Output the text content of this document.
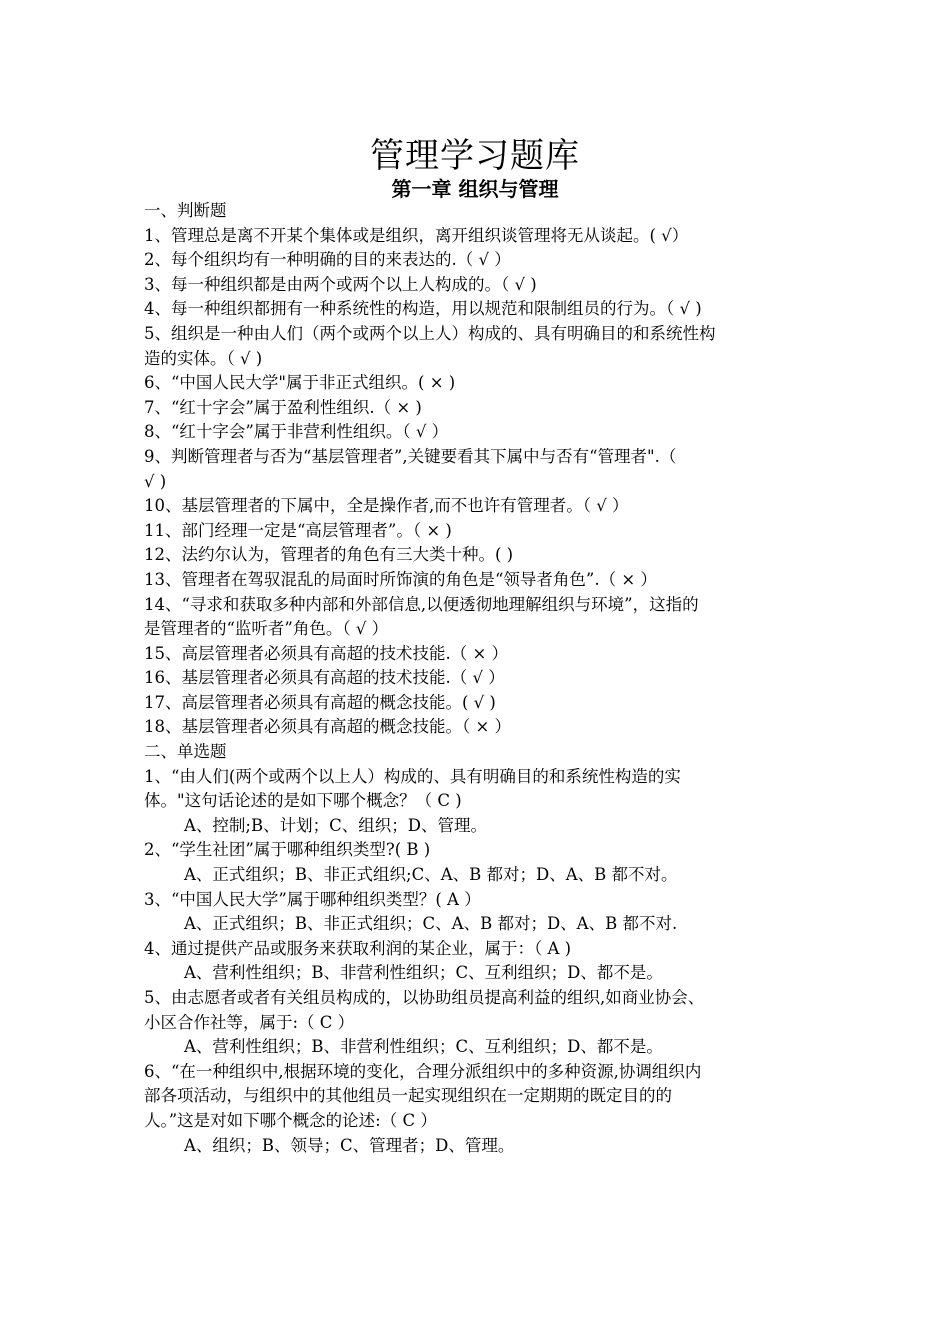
管理学习题库
第一章 组织与管理
一、判断题
1、管理总是离不开某个集体或是组织，离开组织谈管理将无从谈起。( √）
2、每个组织均有一种明确的目的来表达的.（ √ ）
3、每一种组织都是由两个或两个以上人构成的。（ √ )
4、每一种组织都拥有一种系统性的构造，用以规范和限制组员的行为。（ √ )
5、组织是一种由人们（两个或两个以上人）构成的、具有明确目的和系统性构
造的实体。（ √ )
6、“中国人民大学"属于非正式组织。( × )
7、“红十字会”属于盈利性组织.（ × )
8、“红十字会”属于非营利性组织。（ √ ）
9、判断管理者与否为“基层管理者”,关键要看其下属中与否有“管理者".（
√ )
10、基层管理者的下属中，全是操作者,而不也许有管理者。（ √ ）
11、部门经理一定是“高层管理者”。（ × )
12、法约尔认为，管理者的角色有三大类十种。( )
13、管理者在驾驭混乱的局面时所饰演的角色是“领导者角色”.（ × ）
14、“寻求和获取多种内部和外部信息,以便透彻地理解组织与环境”，这指的
是管理者的“监听者”角色。（ √ ）
15、高层管理者必须具有高超的技术技能.（ × ）
16、基层管理者必须具有高超的技术技能.（ √ ）
17、高层管理者必须具有高超的概念技能。( √ )
18、基层管理者必须具有高超的概念技能。（ × ）
二、单选题
1、“由人们(两个或两个以上人）构成的、具有明确目的和系统性构造的实
体。"这句话论述的是如下哪个概念？（ C )
A、控制;B、计划；C、组织；D、管理。
2、“学生社团”属于哪种组织类型?( B )
A、正式组织；B、非正式组织;C、A、B 都对；D、A、B 都不对。
3、“中国人民大学”属于哪种组织类型？( A ）
A、正式组织；B、非正式组织；C、A、B 都对；D、A、B 都不对.
4、通过提供产品或服务来获取利润的某企业，属于：（ A )
A、营利性组织；B、非营利性组织；C、互利组织；D、都不是。
5、由志愿者或者有关组员构成的，以协助组员提高利益的组织,如商业协会、
小区合作社等，属于:（ C ）
A、营利性组织；B、非营利性组织；C、互利组织；D、都不是。
6、“在一种组织中,根据环境的变化，合理分派组织中的多种资源,协调组织内
部各项活动，与组织中的其他组员一起实现组织在一定期期的既定目的的
人。”这是对如下哪个概念的论述:（ C ）
A、组织；B、领导；C、管理者；D、管理。
